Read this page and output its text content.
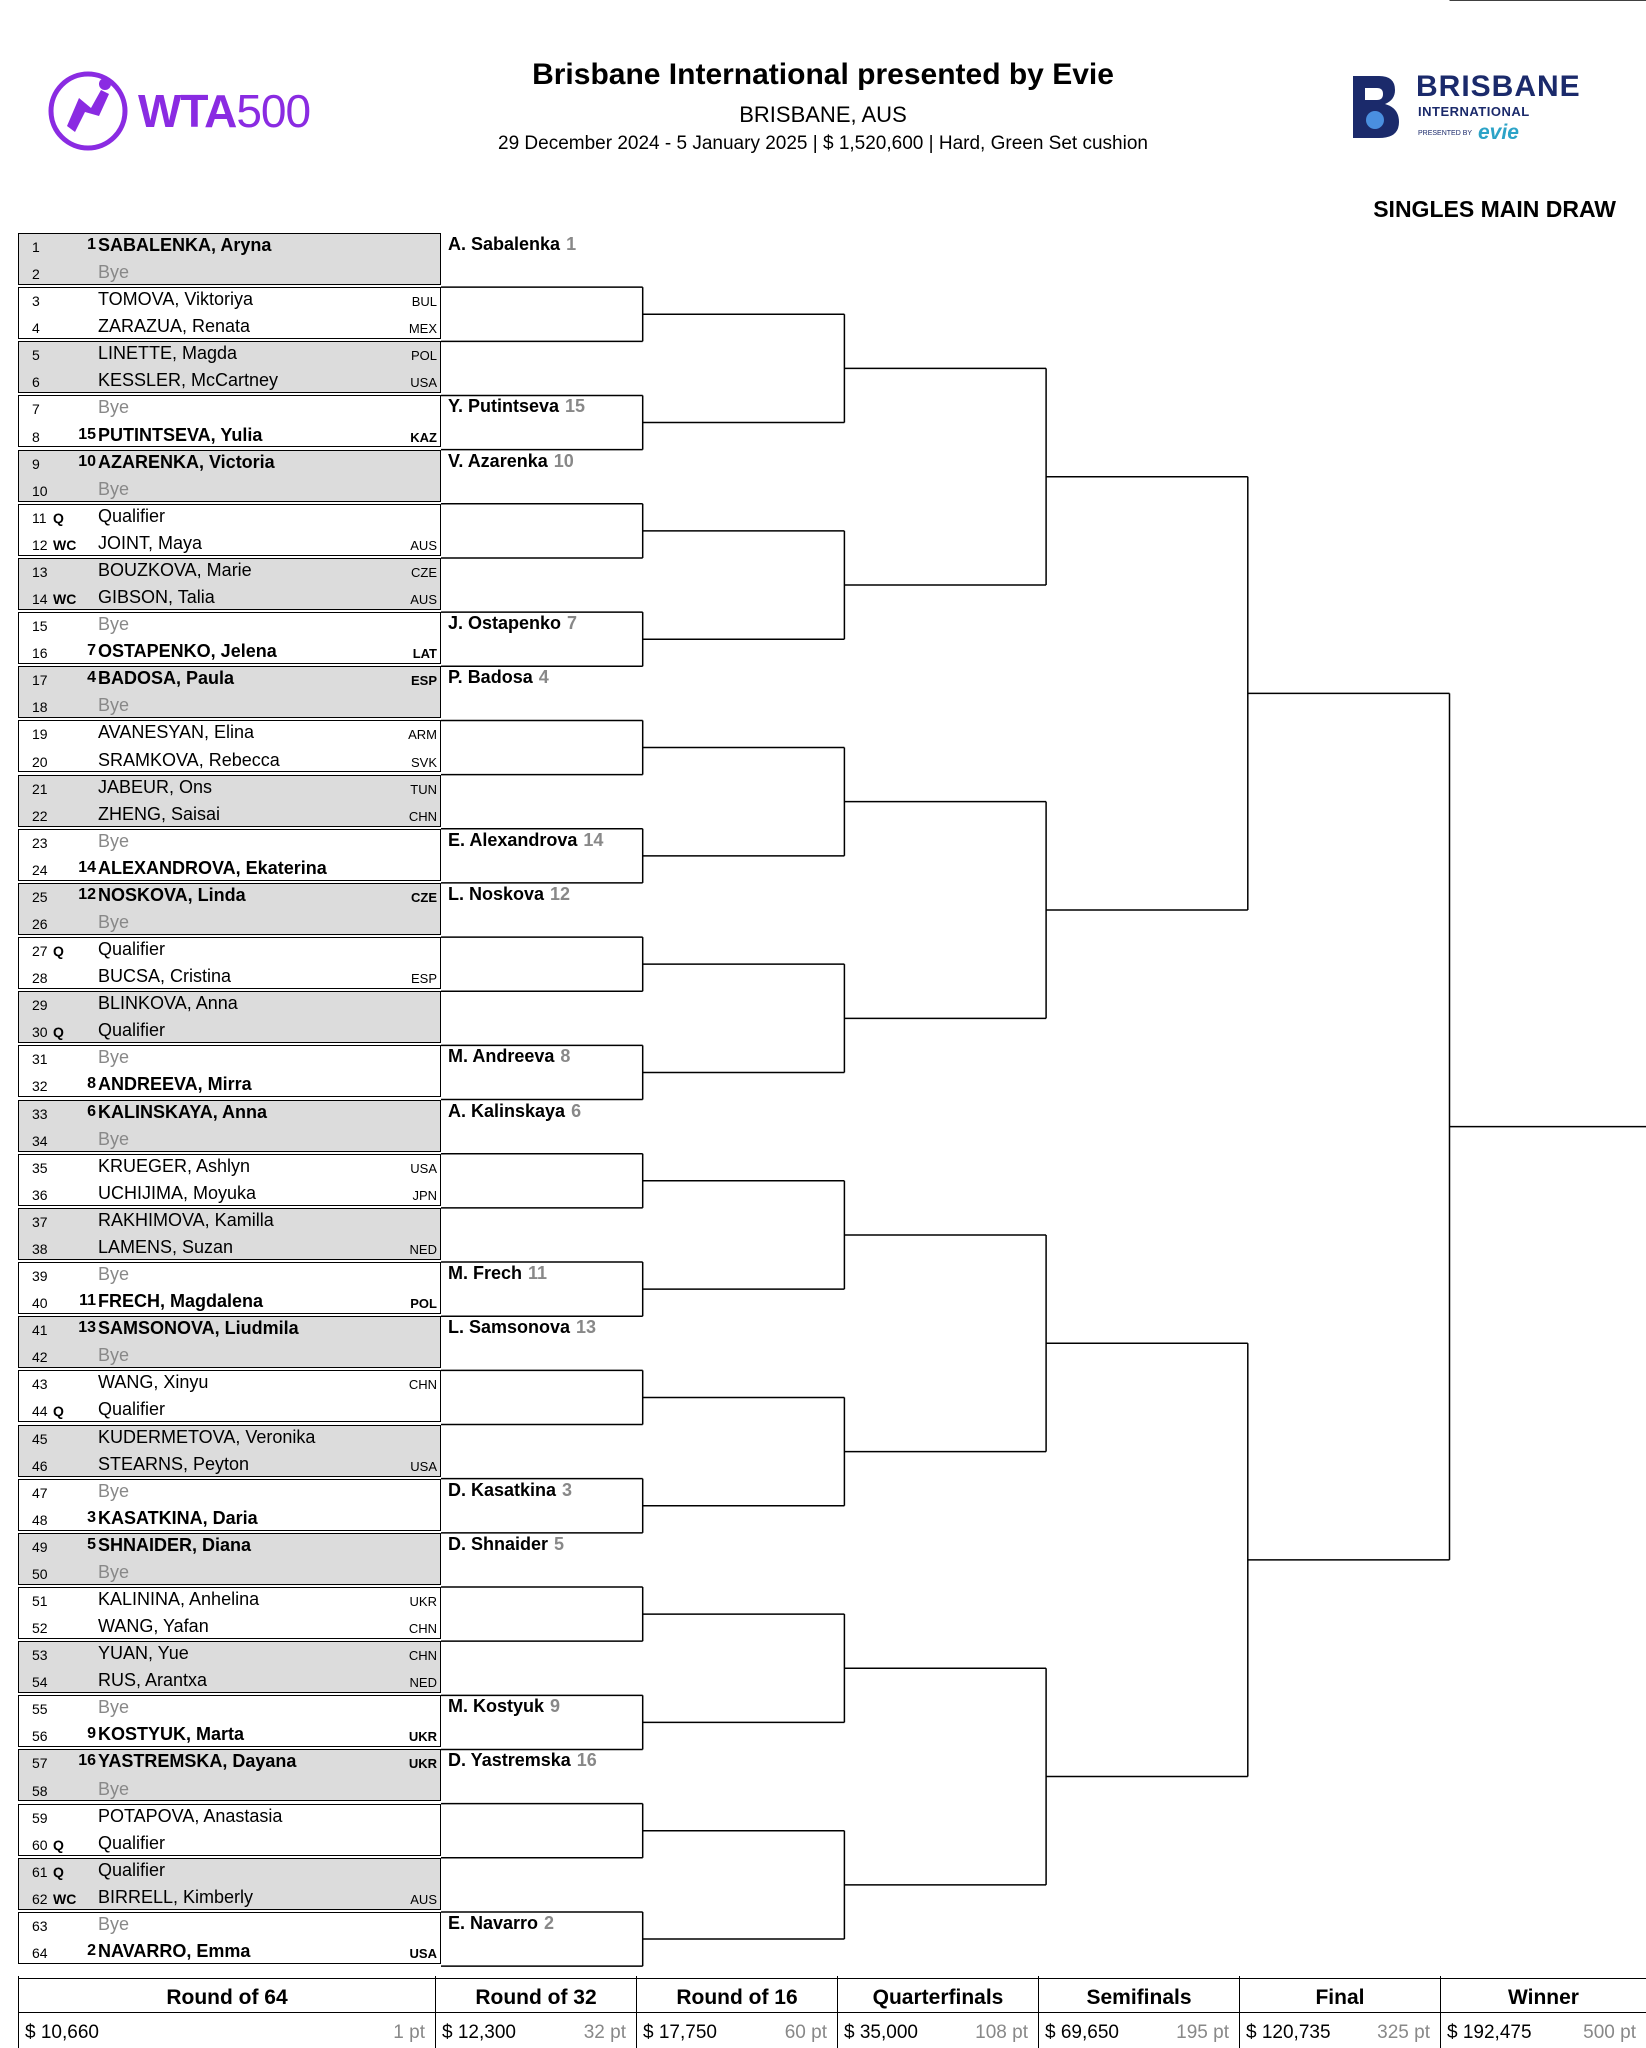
WTA500
Brisbane International presented by Evie
BRISBANE, AUS
29 December 2024 - 5 January 2025 | $ 1,520,600 | Hard, Green Set cushion
BRISBANE
INTERNATIONAL
PRESENTED BY evie
SINGLES MAIN DRAW
1	1 SABALENKA, Aryna
2	Bye
3	TOMOVA, Viktoriya	BUL
4	ZARAZUA, Renata	MEX
5	LINETTE, Magda	POL
6	KESSLER, McCartney	USA
7	Bye
8 15 PUTINTSEVA, Yulia	KAZ
9 10 AZARENKA, Victoria
10	Bye
11 Q Qualifier
12 WC JOINT, Maya	AUS
13	BOUZKOVA, Marie	CZE
14 WC GIBSON, Talia	AUS
15	Bye
16 7 OSTAPENKO, Jelena	LAT
17 4 BADOSA, Paula	ESP
18	Bye
19	AVANESYAN, Elina	ARM
20	SRAMKOVA, Rebecca	SVK
21	JABEUR, Ons	TUN
22	ZHENG, Saisai	CHN
23	Bye
24 14 ALEXANDROVA, Ekaterina
25 12 NOSKOVA, Linda	CZE
26	Bye
27 Q Qualifier
28	BUCSA, Cristina	ESP
29	BLINKOVA, Anna
30 Q Qualifier
31	Bye
32 8 ANDREEVA, Mirra
33 6 KALINSKAYA, Anna
34	Bye
35	KRUEGER, Ashlyn	USA
36	UCHIJIMA, Moyuka	JPN
37	RAKHIMOVA, Kamilla
38	LAMENS, Suzan	NED
39	Bye
40 11 FRECH, Magdalena	POL
41 13 SAMSONOVA, Liudmila
42	Bye
43	WANG, Xinyu	CHN
44 Q Qualifier
45	KUDERMETOVA, Veronika
46	STEARNS, Peyton	USA
47	Bye
48 3 KASATKINA, Daria
49 5 SHNAIDER, Diana
50	Bye
51	KALININA, Anhelina	UKR
52	WANG, Yafan	CHN
53	YUAN, Yue	CHN
54	RUS, Arantxa	NED
55	Bye
56 9 KOSTYUK, Marta	UKR
57 16 YASTREMSKA, Dayana	UKR
58	Bye
59	POTAPOVA, Anastasia
60 Q Qualifier
61 Q Qualifier
62 WC BIRRELL, Kimberly	AUS
63	Bye
64 2 NAVARRO, Emma	USA
A. Sabalenka 1
Y. Putintseva 15
V. Azarenka 10
J. Ostapenko 7
P. Badosa 4
E. Alexandrova 14
L. Noskova 12
M. Andreeva 8
A. Kalinskaya 6
M. Frech 11
L. Samsonova 13
D. Kasatkina 3
D. Shnaider 5
M. Kostyuk 9
D. Yastremska 16
E. Navarro 2
Round of 64
$ 10,660	1 pt
Round of 32
$ 12,300	32 pt
Round of 16
$ 17,750	60 pt
Quarterfinals
$ 35,000	108 pt
Semifinals
$ 69,650	195 pt
Final
$ 120,735 325 pt
Winner
$ 192,475	500 pt
